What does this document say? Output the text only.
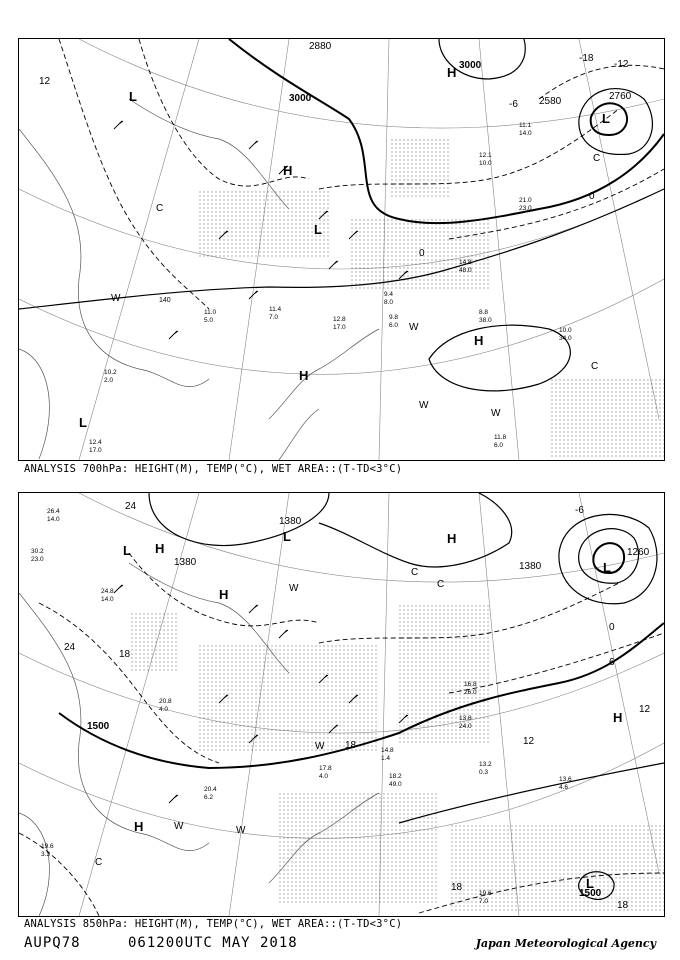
140
3000
3000
2880
2760
2580
-18
-12
-6
0
0
12
H
H
H
H
L
L
L
L
C
C
C
W
W
W
W
8.8
38.0
10.0
34.0
11.8
6.0
12.4
17.0
10.2
2.0
11.0
5.0	12.8
17.0
9.4
8.0
9.8
6.0
11.4
7.0
14.8
48.0
21.0
23.0
12.1
10.0
11.1
14.0
ANALYSIS 700hPa: HEIGHT(M), TEMP(°C), WET AREA::(T-TD<3°C)
1500
1500
1380
1380
1380
1260
24
24
18
18
18
18
12
12
6
0
-6
H
H
H
H
H
L
L
L
L
C
C
C
W
W	W
W
18.2
49.0
14.8
1.4
13.2
0.3
13.6
4.6
19.6
7.0
20.4
6.2
20.8
4.0
17.8
4.0
16.8
26.0
13.8
24.0
24.8
14.0
30.2
23.0
26.4
14.0
19.6
3.3
ANALYSIS 850hPa: HEIGHT(M), TEMP(°C), WET AREA::(T-TD<3°C)
AUPQ78	061200UTC MAY 2018	Japan Meteorological Agency
